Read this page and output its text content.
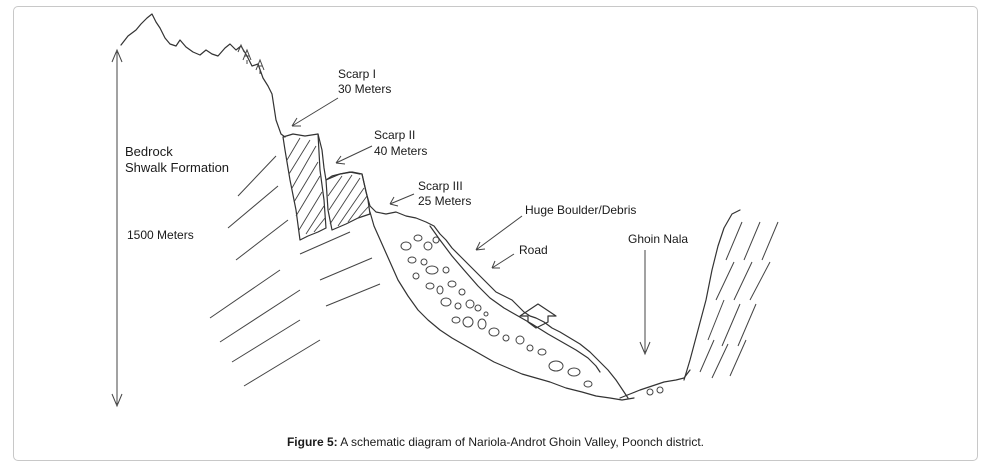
Scarp I
30 Meters
Scarp II
40 Meters
Scarp III
25 Meters
Bedrock
Shwalk Formation
1500 Meters
Huge Boulder/Debris
Road
Ghoin Nala
Figure 5: A schematic diagram of Nariola-Androt Ghoin Valley, Poonch district.
